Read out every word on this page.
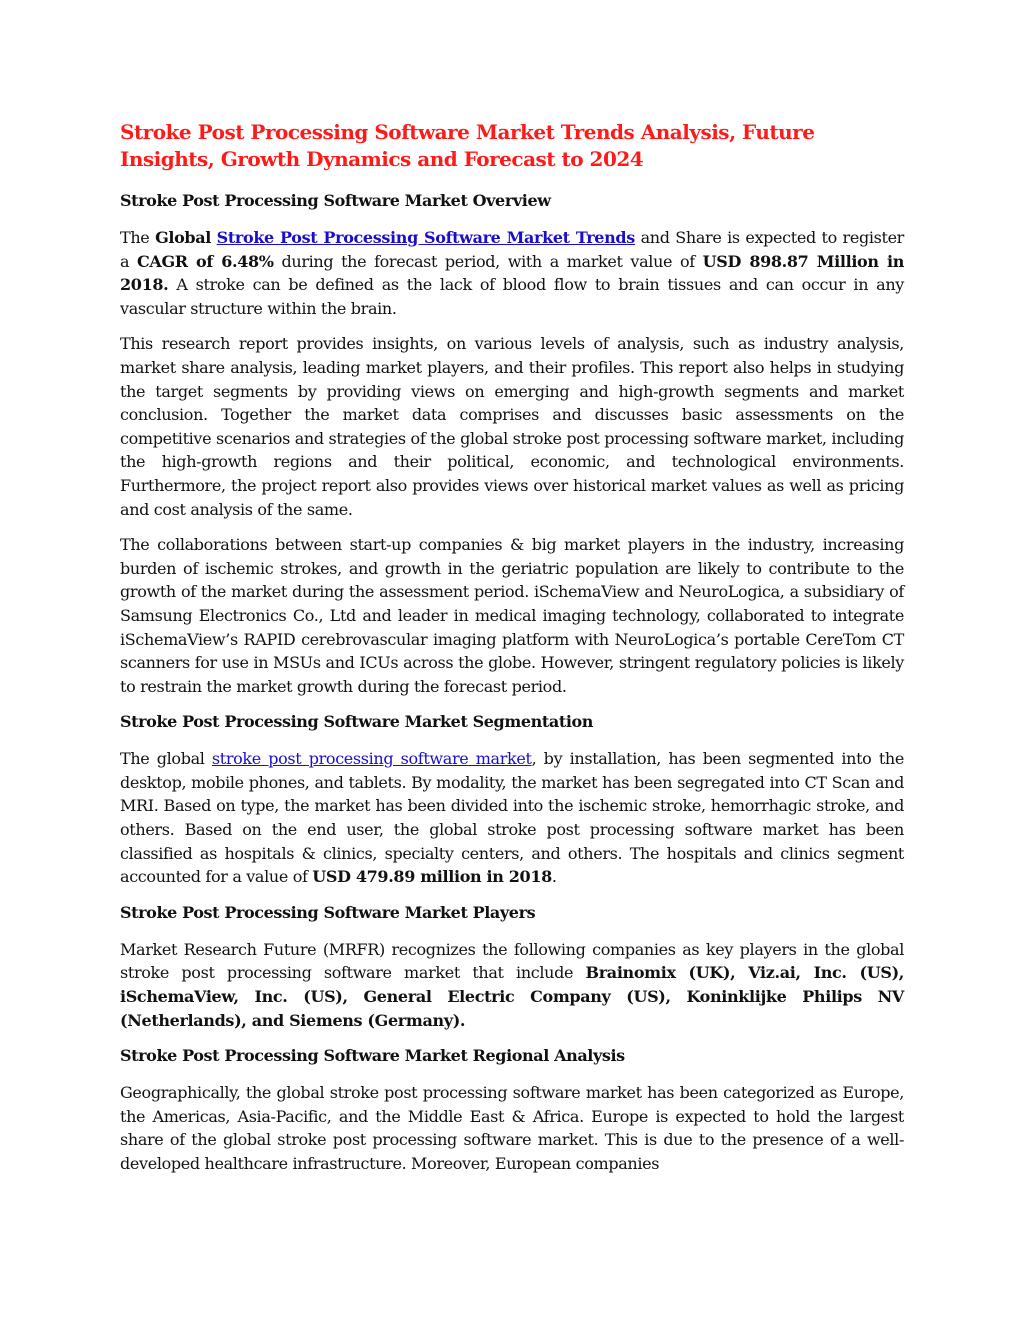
Stroke Post Processing Software Market Trends Analysis, Future Insights, Growth Dynamics and Forecast to 2024
Stroke Post Processing Software Market Overview

The Global Stroke Post Processing Software Market Trends and Share is expected to register a CAGR of 6.48% during the forecast period, with a market value of USD 898.87 Million in 2018. A stroke can be defined as the lack of blood flow to brain tissues and can occur in any vascular structure within the brain.

This research report provides insights, on various levels of analysis, such as industry analysis, market share analysis, leading market players, and their profiles. This report also helps in studying the target segments by providing views on emerging and high-growth segments and market conclusion. Together the market data comprises and discusses basic assessments on the competitive scenarios and strategies of the global stroke post processing software market, including the high-growth regions and their political, economic, and technological environments. Furthermore, the project report also provides views over historical market values as well as pricing and cost analysis of the same.

The collaborations between start-up companies & big market players in the industry, increasing burden of ischemic strokes, and growth in the geriatric population are likely to contribute to the growth of the market during the assessment period. iSchemaView and NeuroLogica, a subsidiary of Samsung Electronics Co., Ltd and leader in medical imaging technology, collaborated to integrate iSchemaView’s RAPID cerebrovascular imaging platform with NeuroLogica’s portable CereTom CT scanners for use in MSUs and ICUs across the globe. However, stringent regulatory policies is likely to restrain the market growth during the forecast period.

Stroke Post Processing Software Market Segmentation

The global stroke post processing software market, by installation, has been segmented into the desktop, mobile phones, and tablets. By modality, the market has been segregated into CT Scan and MRI. Based on type, the market has been divided into the ischemic stroke, hemorrhagic stroke, and others. Based on the end user, the global stroke post processing software market has been classified as hospitals & clinics, specialty centers, and others. The hospitals and clinics segment accounted for a value of USD 479.89 million in 2018.

Stroke Post Processing Software Market Players

Market Research Future (MRFR) recognizes the following companies as key players in the global stroke post processing software market that include Brainomix (UK), Viz.ai, Inc. (US), iSchemaView, Inc. (US), General Electric Company (US), Koninklijke Philips NV (Netherlands), and Siemens (Germany).

Stroke Post Processing Software Market Regional Analysis

Geographically, the global stroke post processing software market has been categorized as Europe, the Americas, Asia-Pacific, and the Middle East & Africa. Europe is expected to hold the largest share of the global stroke post processing software market. This is due to the presence of a well-developed healthcare infrastructure. Moreover, European companies
